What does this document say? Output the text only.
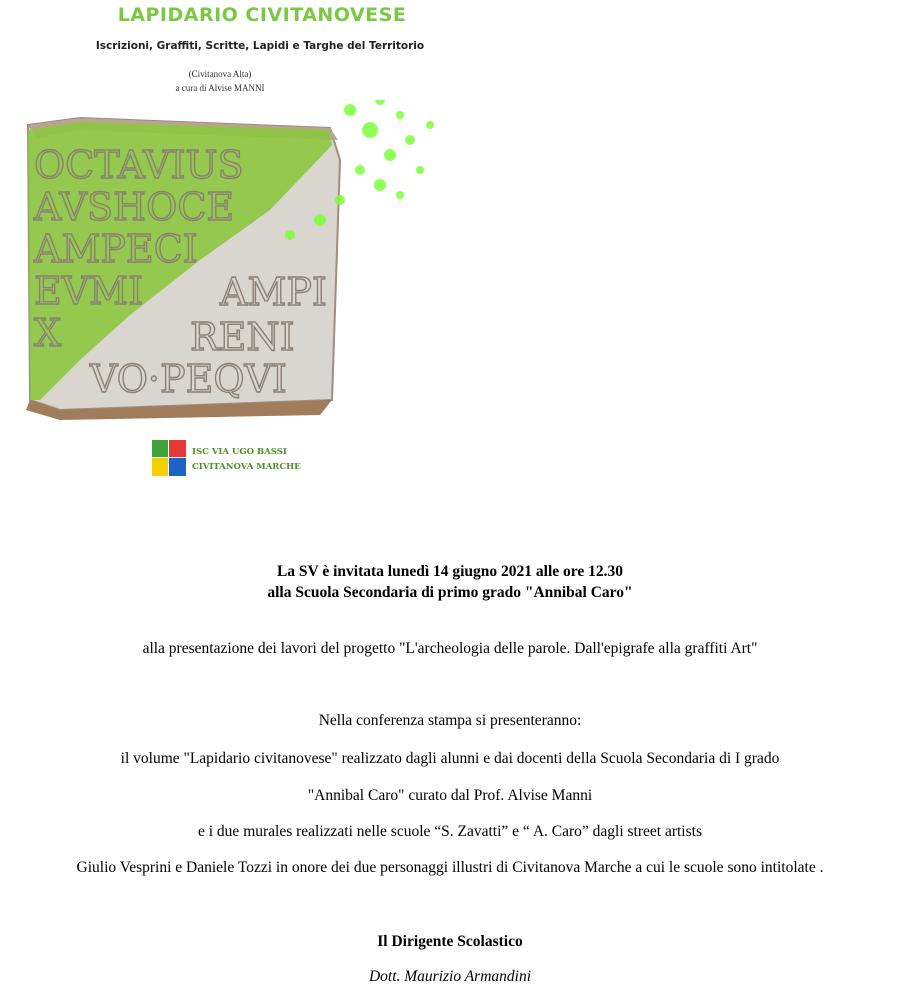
LAPIDARIO CIVITANOVESE
Iscrizioni, Graffiti, Scritte, Lapidi e Targhe del Territorio
(Civitanova Alta)
a cura di Alvise MANNI
OCTAVIUS
AVSHOCE
AMPECI
EVMI
X
AMPI
RENI
VO·PEQVI
ISC VIA UGO BASSI
CIVITANOVA MARCHE
La SV è invitata lunedì 14 giugno 2021 alle ore 12.30
alla Scuola Secondaria di primo grado "Annibal Caro"
alla presentazione dei lavori del progetto "L'archeologia delle parole. Dall'epigrafe alla graffiti Art"
Nella conferenza stampa si presenteranno:
il volume "Lapidario civitanovese" realizzato dagli alunni e dai docenti della Scuola Secondaria di I grado
"Annibal Caro" curato dal Prof. Alvise Manni
e i due murales realizzati nelle scuole “S. Zavatti” e “ A. Caro” dagli street artists
Giulio Vesprini e Daniele Tozzi in onore dei due personaggi illustri di Civitanova Marche a cui le scuole sono intitolate .
Il Dirigente Scolastico
Dott. Maurizio Armandini
